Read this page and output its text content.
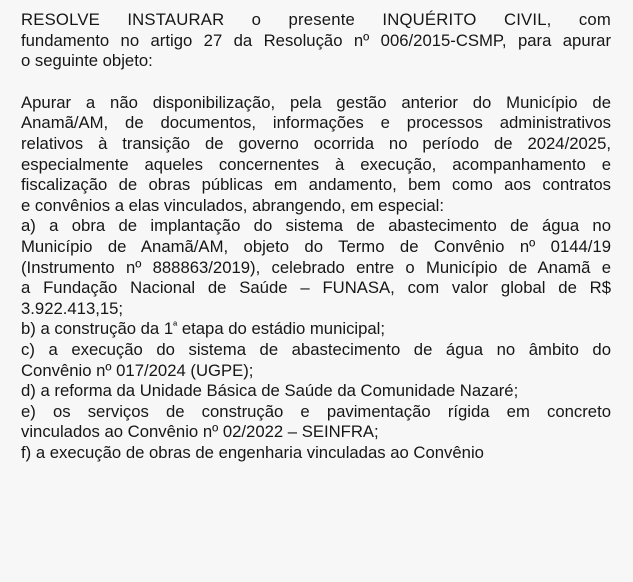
RESOLVE INSTAURAR o presente INQUÉRITO CIVIL, com
fundamento no artigo 27 da Resolução nº 006/2015-CSMP, para apurar
o seguinte objeto:
Apurar a não disponibilização, pela gestão anterior do Município de
Anamã/AM, de documentos, informações e processos administrativos
relativos à transição de governo ocorrida no período de 2024/2025,
especialmente aqueles concernentes à execução, acompanhamento e
fiscalização de obras públicas em andamento, bem como aos contratos
e convênios a elas vinculados, abrangendo, em especial:
a) a obra de implantação do sistema de abastecimento de água no
Município de Anamã/AM, objeto do Termo de Convênio nº 0144/19
(Instrumento nº 888863/2019), celebrado entre o Município de Anamã e
a Fundação Nacional de Saúde – FUNASA, com valor global de R$
3.922.413,15;
b) a construção da $1^ª$ etapa do estádio municipal;
c) a execução do sistema de abastecimento de água no âmbito do
Convênio nº 017/2024 (UGPE);
d) a reforma da Unidade Básica de Saúde da Comunidade Nazaré;
e) os serviços de construção e pavimentação rígida em concreto
vinculados ao Convênio nº 02/2022 – SEINFRA;
f) a execução de obras de engenharia vinculadas ao Convênio
